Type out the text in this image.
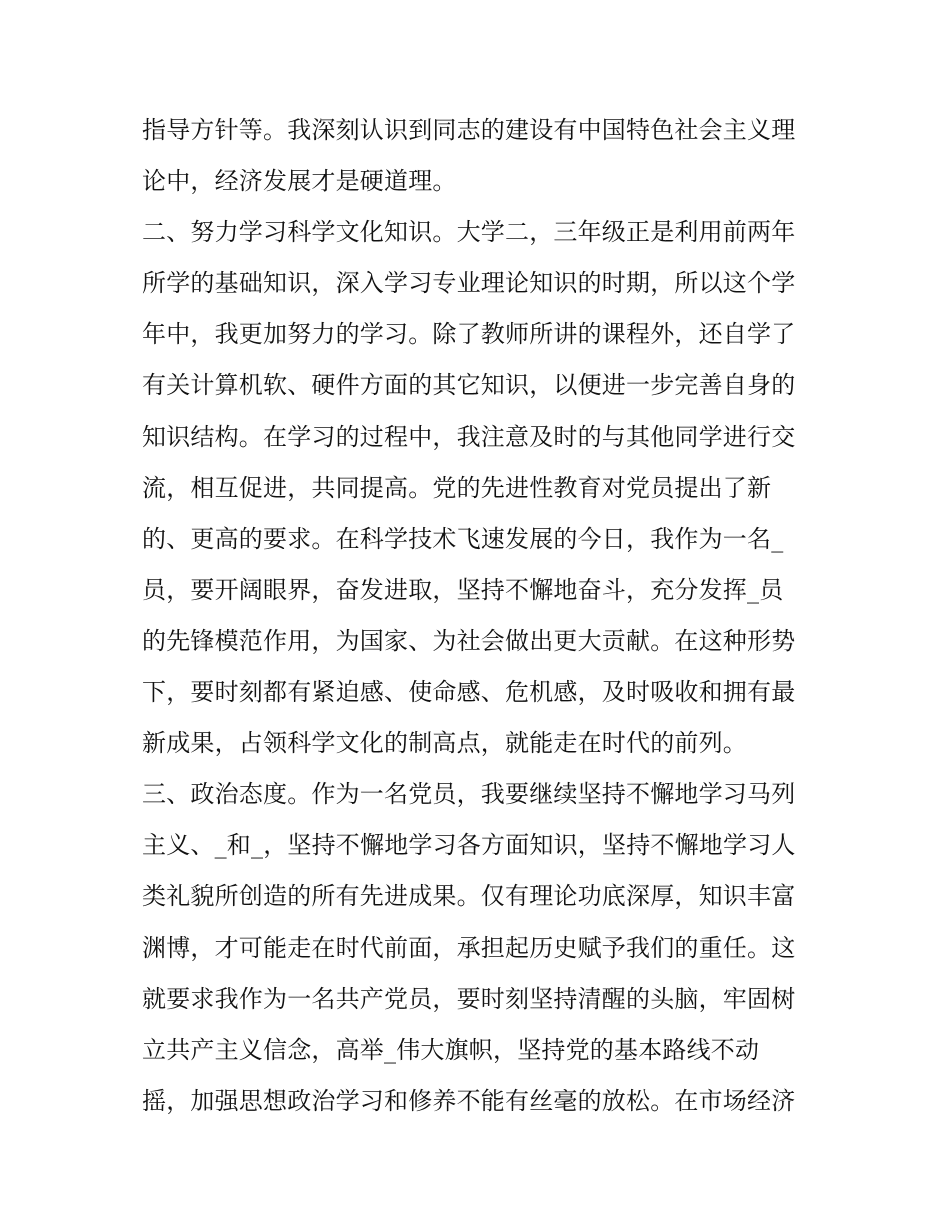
指导方针等。我深刻认识到同志的建设有中国特色社会主义理
论中，经济发展才是硬道理。
二、努力学习科学文化知识。大学二，三年级正是利用前两年
所学的基础知识，深入学习专业理论知识的时期，所以这个学
年中，我更加努力的学习。除了教师所讲的课程外，还自学了
有关计算机软、硬件方面的其它知识，以便进一步完善自身的
知识结构。在学习的过程中，我注意及时的与其他同学进行交
流，相互促进，共同提高。党的先进性教育对党员提出了新
的、更高的要求。在科学技术飞速发展的今日，我作为一名_
员，要开阔眼界，奋发进取，坚持不懈地奋斗，充分发挥_员
的先锋模范作用，为国家、为社会做出更大贡献。在这种形势
下，要时刻都有紧迫感、使命感、危机感，及时吸收和拥有最
新成果，占领科学文化的制高点，就能走在时代的前列。
三、政治态度。作为一名党员，我要继续坚持不懈地学习马列
主义、_和_，坚持不懈地学习各方面知识，坚持不懈地学习人
类礼貌所创造的所有先进成果。仅有理论功底深厚，知识丰富
渊博，才可能走在时代前面，承担起历史赋予我们的重任。这
就要求我作为一名共产党员，要时刻坚持清醒的头脑，牢固树
立共产主义信念，高举_伟大旗帜，坚持党的基本路线不动
摇，加强思想政治学习和修养不能有丝毫的放松。在市场经济
